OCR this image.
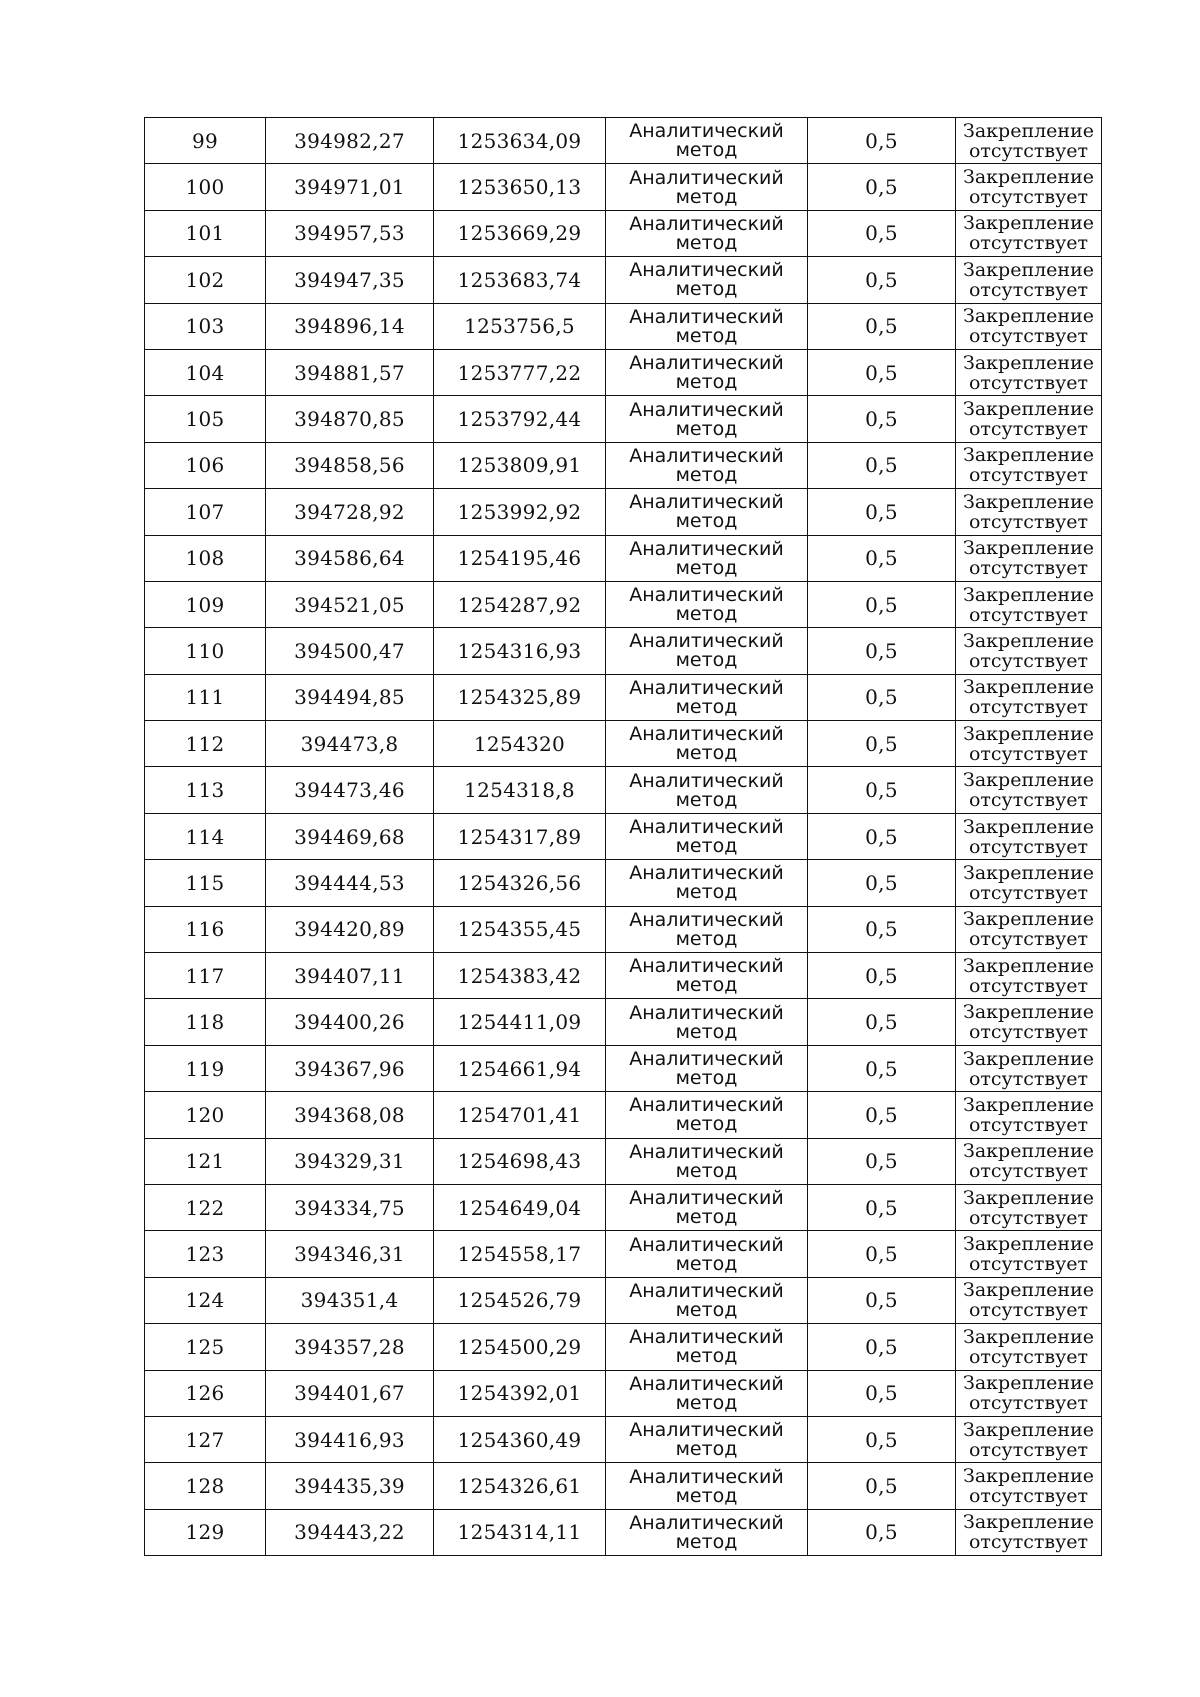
99	394982,27	1253634,09	Аналитический
метод	0,5	Закрепление
отсутствует

100	394971,01	1253650,13	Аналитический
метод	0,5	Закрепление
отсутствует

101	394957,53	1253669,29	Аналитический
метод	0,5	Закрепление
отсутствует

102	394947,35	1253683,74	Аналитический
метод	0,5	Закрепление
отсутствует

103	394896,14	1253756,5	Аналитический
метод	0,5	Закрепление
отсутствует

104	394881,57	1253777,22	Аналитический
метод	0,5	Закрепление
отсутствует

105	394870,85	1253792,44	Аналитический
метод	0,5	Закрепление
отсутствует

106	394858,56	1253809,91	Аналитический
метод	0,5	Закрепление
отсутствует

107	394728,92	1253992,92	Аналитический
метод	0,5	Закрепление
отсутствует

108	394586,64	1254195,46	Аналитический
метод	0,5	Закрепление
отсутствует

109	394521,05	1254287,92	Аналитический
метод	0,5	Закрепление
отсутствует

110	394500,47	1254316,93	Аналитический
метод	0,5	Закрепление
отсутствует

111	394494,85	1254325,89	Аналитический
метод	0,5	Закрепление
отсутствует

112	394473,8	1254320	Аналитический
метод	0,5	Закрепление
отсутствует

113	394473,46	1254318,8	Аналитический
метод	0,5	Закрепление
отсутствует

114	394469,68	1254317,89	Аналитический
метод	0,5	Закрепление
отсутствует

115	394444,53	1254326,56	Аналитический
метод	0,5	Закрепление
отсутствует

116	394420,89	1254355,45	Аналитический
метод	0,5	Закрепление
отсутствует

117	394407,11	1254383,42	Аналитический
метод	0,5	Закрепление
отсутствует

118	394400,26	1254411,09	Аналитический
метод	0,5	Закрепление
отсутствует

119	394367,96	1254661,94	Аналитический
метод	0,5	Закрепление
отсутствует

120	394368,08	1254701,41	Аналитический
метод	0,5	Закрепление
отсутствует

121	394329,31	1254698,43	Аналитический
метод	0,5	Закрепление
отсутствует

122	394334,75	1254649,04	Аналитический
метод	0,5	Закрепление
отсутствует

123	394346,31	1254558,17	Аналитический
метод	0,5	Закрепление
отсутствует

124	394351,4	1254526,79	Аналитический
метод	0,5	Закрепление
отсутствует

125	394357,28	1254500,29	Аналитический
метод	0,5	Закрепление
отсутствует

126	394401,67	1254392,01	Аналитический
метод	0,5	Закрепление
отсутствует

127	394416,93	1254360,49	Аналитический
метод	0,5	Закрепление
отсутствует

128	394435,39	1254326,61	Аналитический
метод	0,5	Закрепление
отсутствует

129	394443,22	1254314,11	Аналитический
метод	0,5	Закрепление
отсутствует
